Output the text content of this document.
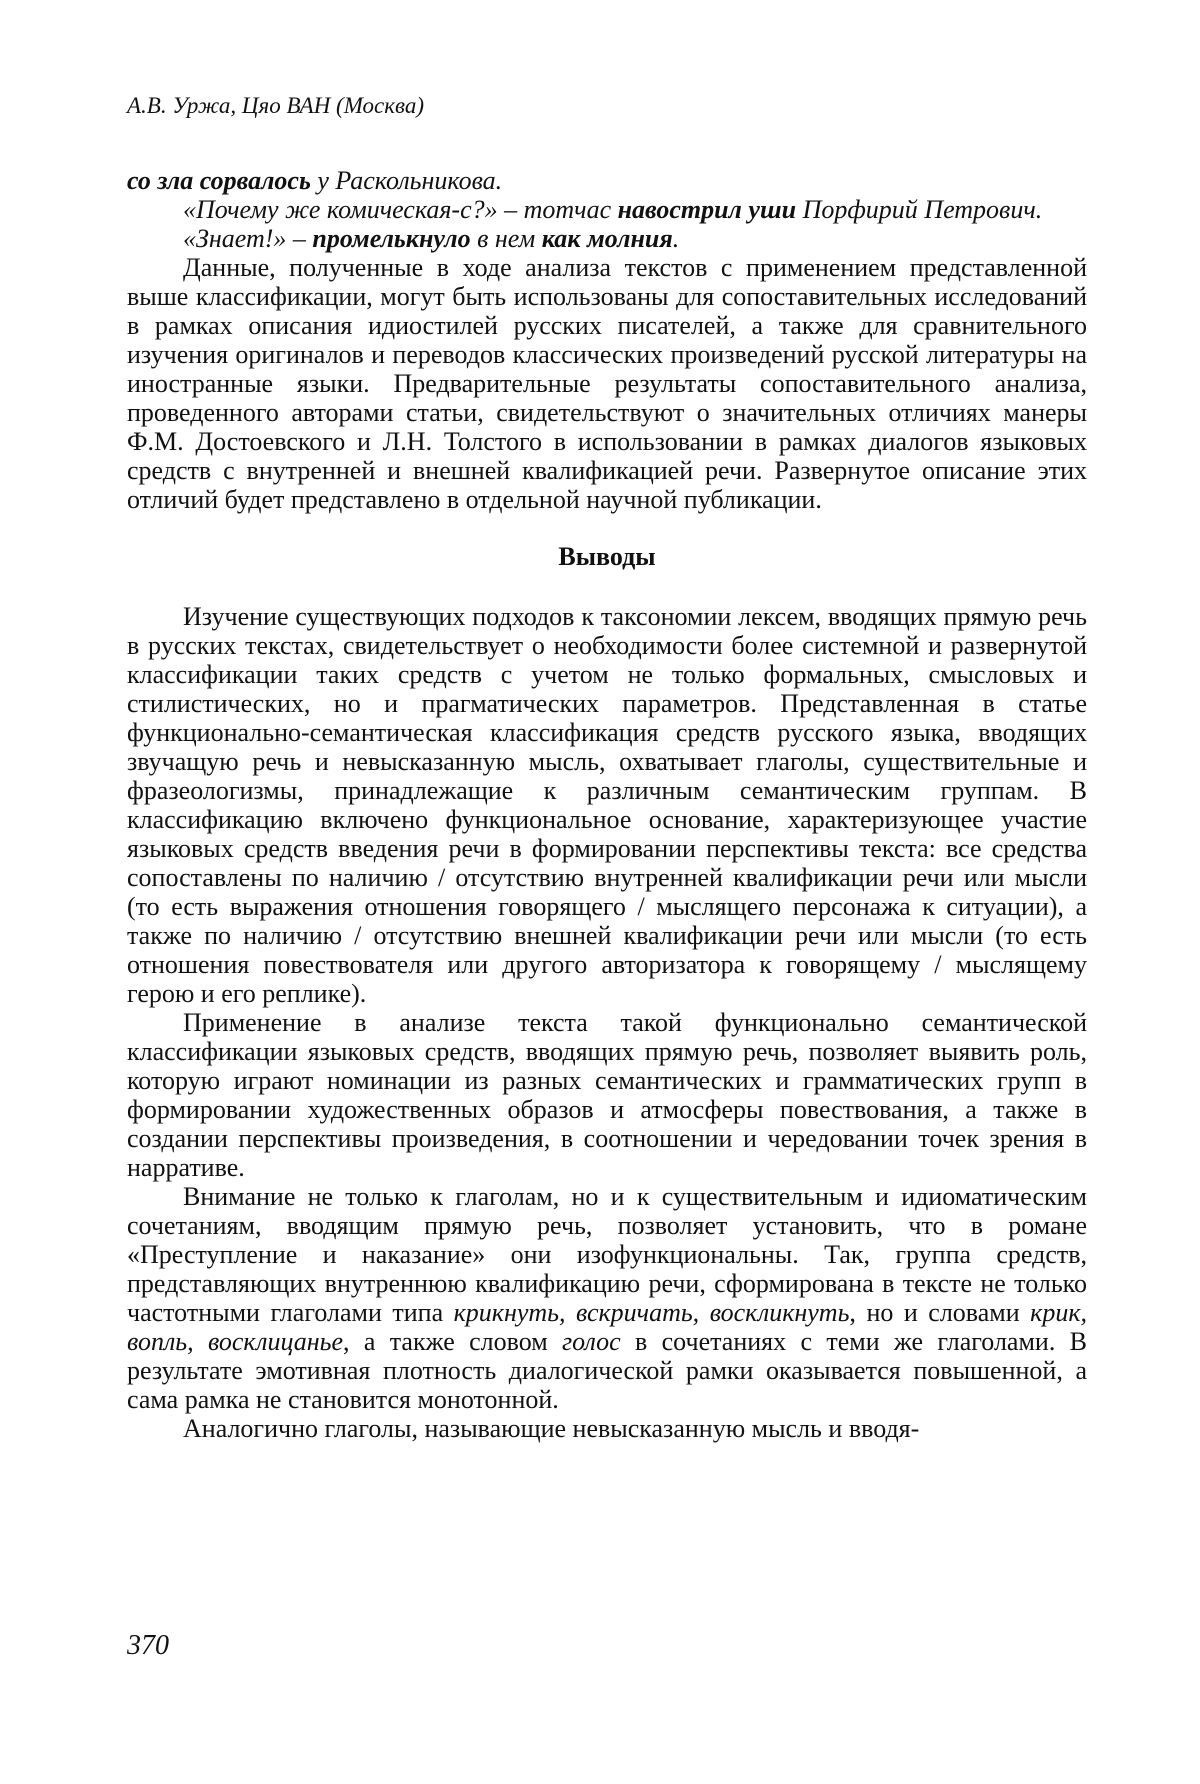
А.В. Уржа, Цяо ВАН (Москва)

со зла сорвалось у Раскольникова.

«Почему же комическая-с?» – тотчас навострил уши Порфирий Петрович.

«Знает!» – промелькнуло в нем как молния.

Данные, полученные в ходе анализа текстов с применением представленной выше классификации, могут быть использованы для сопоставительных исследований в рамках описания идиостилей русских писателей, а также для сравнительного изучения оригиналов и переводов классических произведений русской литературы на иностранные языки. Предварительные результаты сопоставительного анализа, проведенного авторами статьи, свидетельствуют о значительных отличиях манеры Ф.М. Достоевского и Л.Н. Толстого в использовании в рамках диалогов языковых средств с внутренней и внешней квалификацией речи. Развернутое описание этих отличий будет представлено в отдельной научной публикации.

Выводы

Изучение существующих подходов к таксономии лексем, вводящих прямую речь в русских текстах, свидетельствует о необходимости более системной и развернутой классификации таких средств с учетом не только формальных, смысловых и стилистических, но и прагматических параметров. Представленная в статье функционально-семантическая классификация средств русского языка, вводящих звучащую речь и невысказанную мысль, охватывает глаголы, существительные и фразеологизмы, принадлежащие к различным семантическим группам. В классификацию включено функциональное основание, характеризующее участие языковых средств введения речи в формировании перспективы текста: все средства сопоставлены по наличию / отсутствию внутренней квалификации речи или мысли (то есть выражения отношения говорящего / мыслящего персонажа к ситуации), а также по наличию / отсутствию внешней квалификации речи или мысли (то есть отношения повествователя или другого авторизатора к говорящему / мыслящему герою и его реплике).

Применение в анализе текста такой функционально семантической классификации языковых средств, вводящих прямую речь, позволяет выявить роль, которую играют номинации из разных семантических и грамматических групп в формировании художественных образов и атмосферы повествования, а также в создании перспективы произведения, в соотношении и чередовании точек зрения в нарративе.

Внимание не только к глаголам, но и к существительным и идиоматическим сочетаниям, вводящим прямую речь, позволяет установить, что в романе «Преступление и наказание» они изофункциональны. Так, группа средств, представляющих внутреннюю квалификацию речи, сформирована в тексте не только частотными глаголами типа крикнуть, вскричать, воскликнуть, но и словами крик, вопль, восклицанье, а также словом голос в сочетаниях с теми же глаголами. В результате эмотивная плотность диалогической рамки оказывается повышенной, а сама рамка не становится монотонной.

Аналогично глаголы, называющие невысказанную мысль и вводя-

370
